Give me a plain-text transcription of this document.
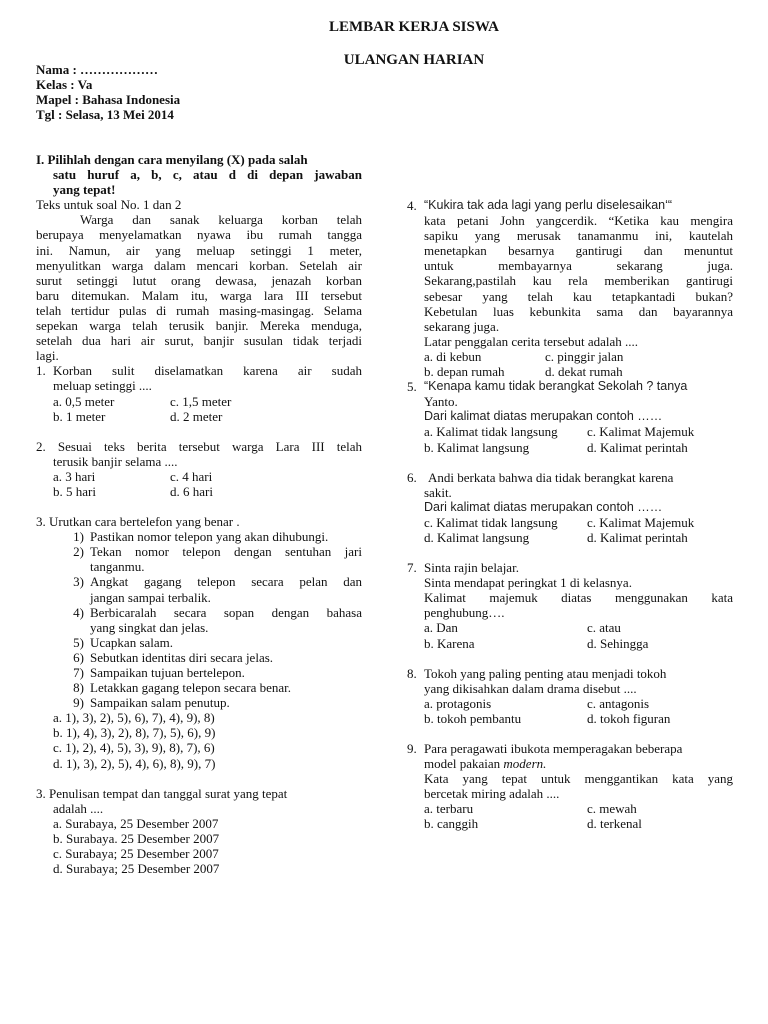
LEMBAR KERJA SISWA
ULANGAN HARIAN
Nama : ………………
Kelas : Va
Mapel : Bahasa Indonesia
Tgl : Selasa, 13 Mei 2014
I. Pilihlah dengan cara menyilang (X) pada salah
satu huruf a, b, c, atau d di depan jawaban
yang tepat!
Teks untuk soal No. 1 dan 2
Warga dan sanak keluarga korban telah
berupaya menyelamatkan nyawa ibu rumah tangga
ini. Namun, air yang meluap setinggi 1 meter,
menyulitkan warga dalam mencari korban. Setelah air
surut setinggi lutut orang dewasa, jenazah korban
baru ditemukan. Malam itu, warga lara III tersebut
telah tertidur pulas di rumah masing-masingag. Selama
sepekan warga telah terusik banjir. Mereka menduga,
setelah dua hari air surut, banjir susulan tidak terjadi
lagi.
1. Korban sulit diselamatkan karena air sudah
meluap setinggi ....
a. 0,5 meter	c. 1,5 meter
b. 1 meter	d. 2 meter
2. Sesuai teks berita tersebut warga Lara III telah
terusik banjir selama ....
a. 3 hari	c. 4 hari
b. 5 hari	d. 6 hari
3. Urutkan cara bertelefon yang benar .
1) Pastikan nomor telepon yang akan dihubungi.
2) Tekan nomor telepon dengan sentuhan jari
tanganmu.
3) Angkat gagang telepon secara pelan dan
jangan sampai terbalik.
4) Berbicaralah secara sopan dengan bahasa
yang singkat dan jelas.
5) Ucapkan salam.
6) Sebutkan identitas diri secara jelas.
7) Sampaikan tujuan bertelepon.
8) Letakkan gagang telepon secara benar.
9) Sampaikan salam penutup.
a. 1), 3), 2), 5), 6), 7), 4), 9), 8)
b. 1), 4), 3), 2), 8), 7), 5), 6), 9)
c. 1), 2), 4), 5), 3), 9), 8), 7), 6)
d. 1), 3), 2), 5), 4), 6), 8), 9), 7)
3. Penulisan tempat dan tanggal surat yang tepat
adalah ....
a. Surabaya, 25 Desember 2007
b. Surabaya. 25 Desember 2007
c. Surabaya; 25 Desember 2007
d. Surabaya; 25 Desember 2007
4. “Kukira tak ada lagi yang perlu diselesaikan‘“
kata petani John yangcerdik. “Ketika kau mengira
sapiku yang merusak tanamanmu ini, kautelah
menetapkan besarnya gantirugi dan menuntut
untuk membayarnya sekarang juga.
Sekarang,pastilah kau rela memberikan gantirugi
sebesar yang telah kau tetapkantadi bukan?
Kebetulan luas kebunkita sama dan bayarannya
sekarang juga.
Latar penggalan cerita tersebut adalah ....
a. di kebun	c. pinggir jalan
b. depan rumah	d. dekat rumah
5. “Kenapa kamu tidak berangkat Sekolah ? tanya
Yanto.
Dari kalimat diatas merupakan contoh ……
a. Kalimat tidak langsung	c. Kalimat Majemuk
b. Kalimat langsung	d. Kalimat perintah
6. Andi berkata bahwa dia tidak berangkat karena
sakit.
Dari kalimat diatas merupakan contoh ……
c. Kalimat tidak langsung	c. Kalimat Majemuk
d. Kalimat langsung	d. Kalimat perintah
7. Sinta rajin belajar.
Sinta mendapat peringkat 1 di kelasnya.
Kalimat majemuk diatas menggunakan kata
penghubung….
a. Dan	c. atau
b. Karena	d. Sehingga
8. Tokoh yang paling penting atau menjadi tokoh
yang dikisahkan dalam drama disebut ....
a. protagonis	c. antagonis
b. tokoh pembantu	d. tokoh figuran
9. Para peragawati ibukota memperagakan beberapa
model pakaian modern.
Kata yang tepat untuk menggantikan kata yang
bercetak miring adalah ....
a. terbaru	c. mewah
b. canggih	d. terkenal
